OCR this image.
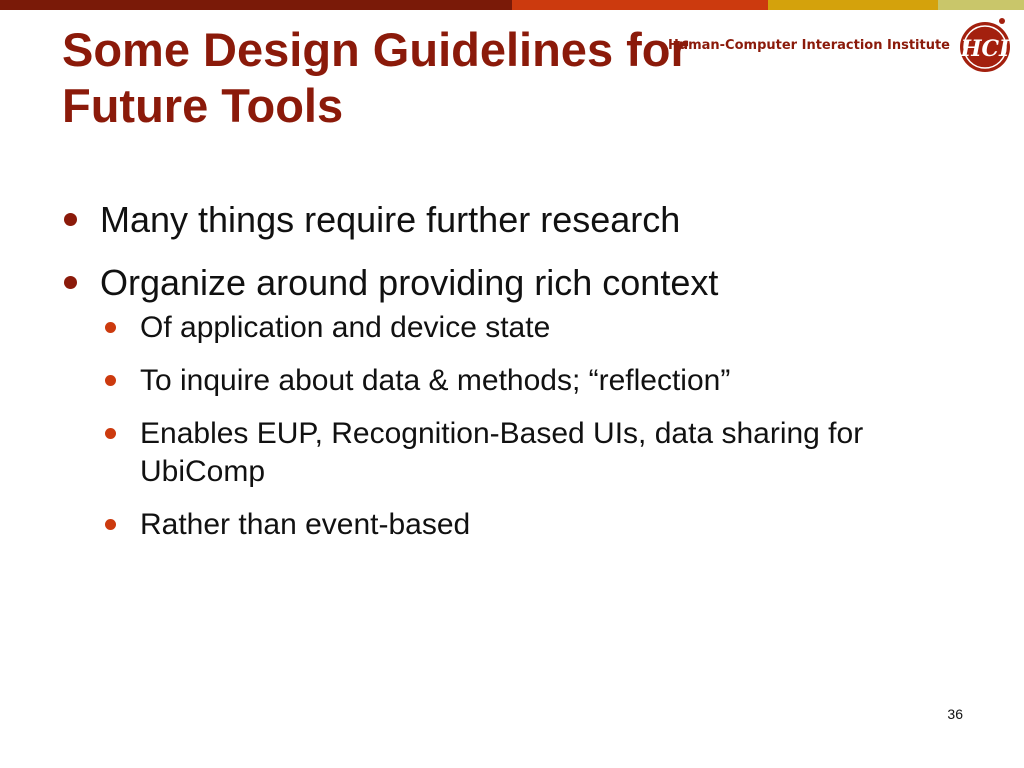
Human-Computer Interaction Institute HCI
Some Design Guidelines for Future Tools
Many things require further research
Organize around providing rich context
Of application and device state
To inquire about data & methods; “reflection”
Enables EUP, Recognition-Based UIs, data sharing for UbiComp
Rather than event-based
36
